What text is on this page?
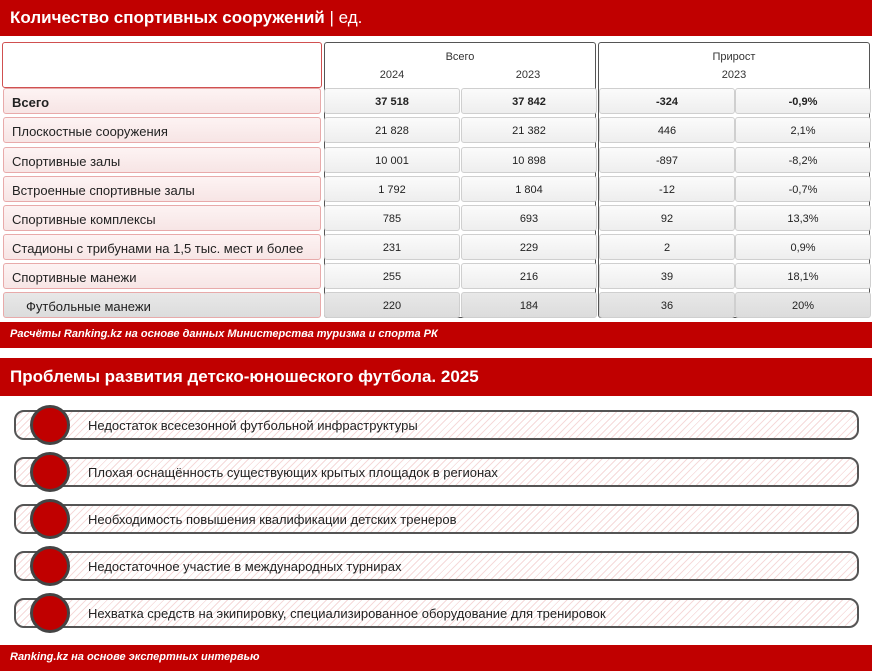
Количество спортивных сооружений | ед.
Всего
2024	2023
Прирост
2023
Всего	37 518	37 842	-324	-0,9%
Плоскостные сооружения	21 828	21 382	446	2,1%
Спортивные залы	10 001	10 898	-897	-8,2%
Встроенные спортивные залы	1 792	1 804	-12	-0,7%
Спортивные комплексы	785	693	92	13,3%
Стадионы с трибунами на 1,5 тыс. мест и более	231	229	2	0,9%
Спортивные манежи	255	216	39	18,1%
Футбольные манежи	220	184	36	20%
Расчёты Ranking.kz на основе данных Министерства туризма и спорта РК
Проблемы развития детско-юношеского футбола. 2025
Недостаток всесезонной футбольной инфраструктуры
Плохая оснащённость существующих крытых площадок в регионах
Необходимость повышения квалификации детских тренеров
Недостаточное участие в международных турнирах
Нехватка средств на экипировку, специализированное оборудование для тренировок
Ranking.kz на основе экспертных интервью
